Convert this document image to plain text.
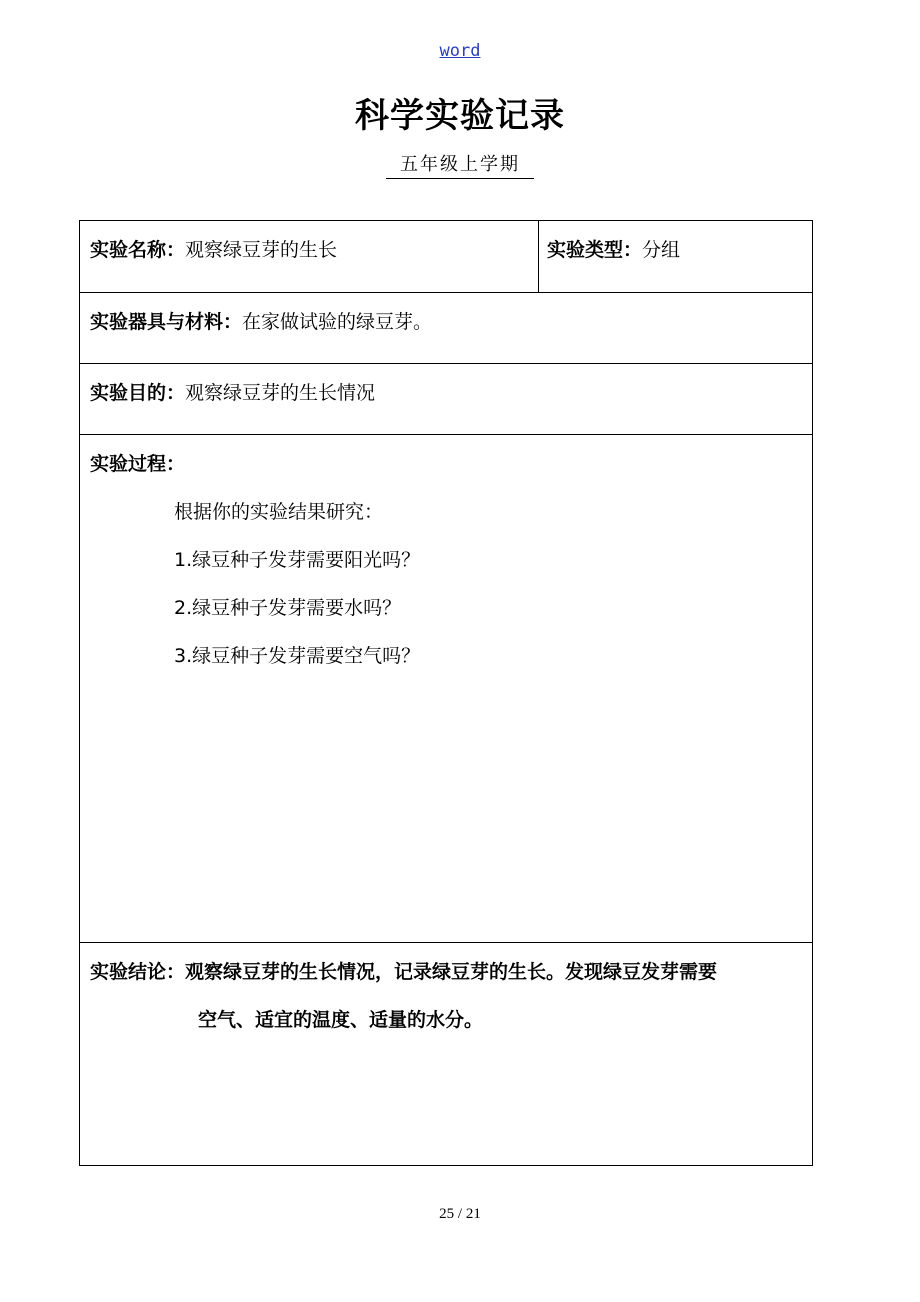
word
科学实验记录
五年级上学期
实验名称：观察绿豆芽的生长	实验类型：分组
实验器具与材料：在家做试验的绿豆芽。
实验目的：观察绿豆芽的生长情况
实验过程：
根据你的实验结果研究：
1.绿豆种子发芽需要阳光吗？
2.绿豆种子发芽需要水吗？
3.绿豆种子发芽需要空气吗？
实验结论：观察绿豆芽的生长情况，记录绿豆芽的生长。发现绿豆发芽需要
空气、适宜的温度、适量的水分。
25 / 21
